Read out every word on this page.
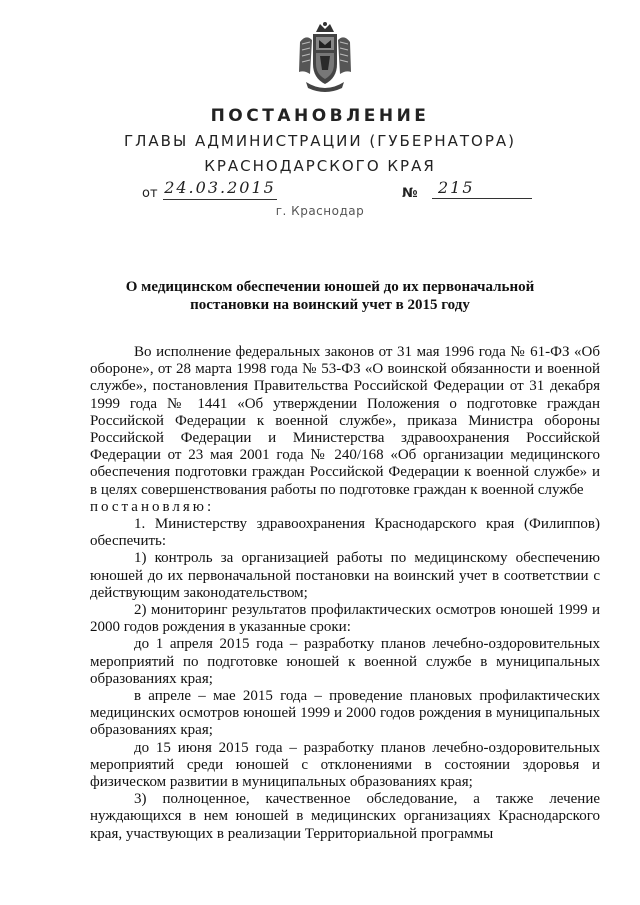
ПОСТАНОВЛЕНИЕ
ГЛАВЫ АДМИНИСТРАЦИИ (ГУБЕРНАТОРА)
КРАСНОДАРСКОГО КРАЯ
от 24.03.2015	№	215
г. Краснодар
О медицинском обеспечении юношей до их первоначальной
постановки на воинский учет в 2015 году

Во исполнение федеральных законов от 31 мая 1996 года № 61-ФЗ «Об обороне», от 28 марта 1998 года № 53-ФЗ «О воинской обязанности и военной службе», постановления Правительства Российской Федерации от 31 декабря 1999 года № 1441 «Об утверждении Положения о подготовке граждан Российской Федерации к военной службе», приказа Министра обороны Российской Федерации и Министерства здравоохранения Российской Федерации от 23 мая 2001 года № 240/168 «Об организации медицинского обеспечения подготовки граждан Российской Федерации к военной службе» и в целях совершенствования работы по подготовке граждан к военной службе

постановляю:

1. Министерству здравоохранения Краснодарского края (Филиппов) обеспечить:

1) контроль за организацией работы по медицинскому обеспечению юношей до их первоначальной постановки на воинский учет в соответствии с действующим законодательством;

2) мониторинг результатов профилактических осмотров юношей 1999 и 2000 годов рождения в указанные сроки:

до 1 апреля 2015 года – разработку планов лечебно-оздоровительных мероприятий по подготовке юношей к военной службе в муниципальных образованиях края;

в апреле – мае 2015 года – проведение плановых профилактических медицинских осмотров юношей 1999 и 2000 годов рождения в муниципальных образованиях края;

до 15 июня 2015 года – разработку планов лечебно-оздоровительных мероприятий среди юношей с отклонениями в состоянии здоровья и физическом развитии в муниципальных образованиях края;

3) полноценное, качественное обследование, а также лечение нуждающихся в нем юношей в медицинских организациях Краснодарского края, участвующих в реализации Территориальной программы
